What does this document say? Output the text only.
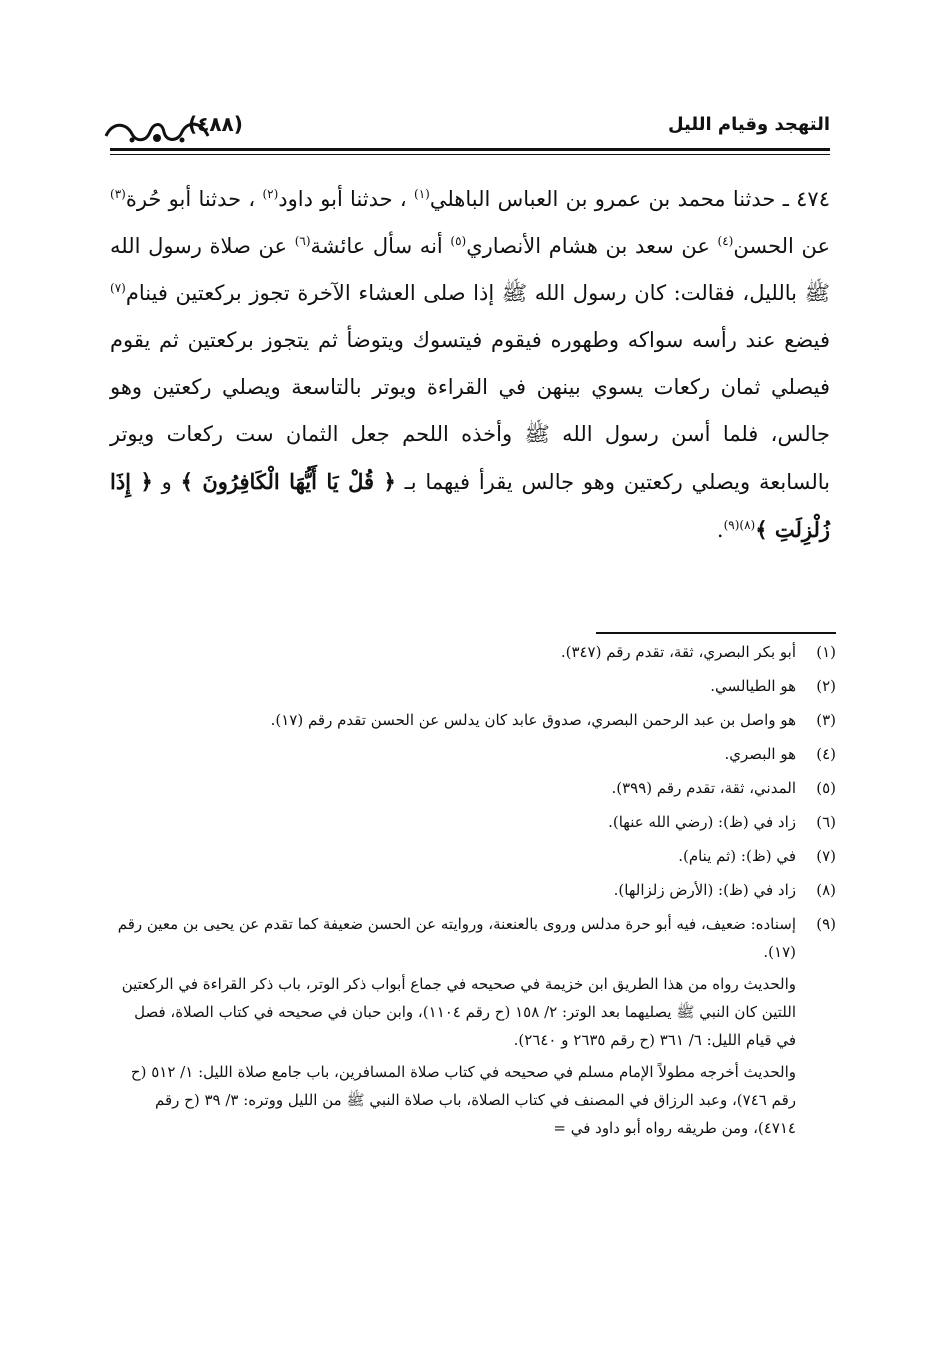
التهجد وقيام الليل
(٤٨٨)
٤٧٤ ـ حدثنا محمد بن عمرو بن العباس الباهلي$^{(١)}$ ، حدثنا أبو داود$^{(٢)}$ ، حدثنا أبو حُرة$^{(٣)}$ عن الحسن$^{(٤)}$ عن سعد بن هشام الأنصاري$^{(٥)}$ أنه سأل عائشة$^{(٦)}$ عن صلاة رسول الله ﷺ بالليل، فقالت: كان رسول الله ﷺ إذا صلى العشاء الآخرة تجوز بركعتين فينام$^{(٧)}$ فيضع عند رأسه سواكه وطهوره فيقوم فيتسوك ويتوضأ ثم يتجوز بركعتين ثم يقوم فيصلي ثمان ركعات يسوي بينهن في القراءة ويوتر بالتاسعة ويصلي ركعتين وهو جالس، فلما أسن رسول الله ﷺ وأخذه اللحم جعل الثمان ست ركعات ويوتر بالسابعة ويصلي ركعتين وهو جالس يقرأ فيهما بـ ﴿ قُلْ يَا أَيُّهَا الْكَافِرُونَ ﴾ و ﴿ إِذَا زُلْزِلَتِ ﴾$^{(٨)(٩)}$.
(١)

أبو بكر البصري، ثقة، تقدم رقم (٣٤٧).

(٢)

هو الطيالسي.

(٣)

هو واصل بن عبد الرحمن البصري، صدوق عابد كان يدلس عن الحسن تقدم رقم (١٧).

(٤)

هو البصري.

(٥)

المدني، ثقة، تقدم رقم (٣٩٩).

(٦)

زاد في (ظ): (رضي الله عنها).

(٧)

في (ظ): (ثم ينام).

(٨)

زاد في (ظ): (الأرض زلزالها).

(٩)

إسناده: ضعيف، فيه أبو حرة مدلس وروى بالعنعنة، وروايته عن الحسن ضعيفة كما تقدم عن يحيى بن معين رقم (١٧).

والحديث رواه من هذا الطريق ابن خزيمة في صحيحه في جماع أبواب ذكر الوتر، باب ذكر القراءة في الركعتين اللتين كان النبي ﷺ يصليهما بعد الوتر: ٢/ ١٥٨ (ح رقم ١١٠٤)، وابن حبان في صحيحه في كتاب الصلاة، فصل في قيام الليل: ٦/ ٣٦١ (ح رقم ٢٦٣٥ و ٢٦٤٠).

والحديث أخرجه مطولاً الإمام مسلم في صحيحه في كتاب صلاة المسافرين، باب جامع صلاة الليل: ١/ ٥١٢ (ح رقم ٧٤٦)، وعبد الرزاق في المصنف في كتاب الصلاة، باب صلاة النبي ﷺ من الليل ووتره: ٣/ ٣٩ (ح رقم ٤٧١٤)، ومن طريقه رواه أبو داود في =
